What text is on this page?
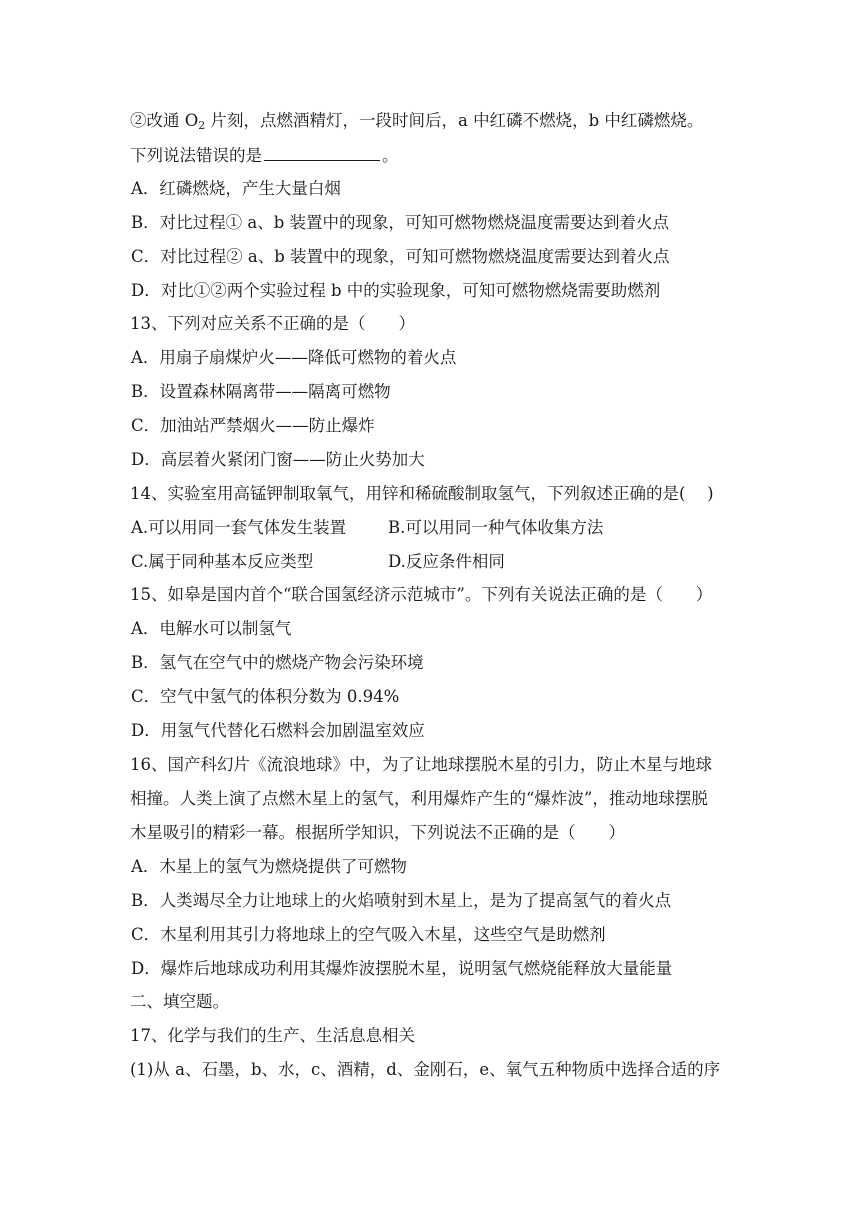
②改通 $O_2$ 片刻，点燃酒精灯，一段时间后，a 中红磷不燃烧，b 中红磷燃烧。
下列说法错误的是	。
A．红磷燃烧，产生大量白烟
B．对比过程① a、b 装置中的现象，可知可燃物燃烧温度需要达到着火点
C．对比过程② a、b 装置中的现象，可知可燃物燃烧温度需要达到着火点
D．对比①②两个实验过程 b 中的实验现象，可知可燃物燃烧需要助燃剂
13、下列对应关系不正确的是（　　）
A．用扇子扇煤炉火——降低可燃物的着火点
B．设置森林隔离带——隔离可燃物
C．加油站严禁烟火——防止爆炸
D．高层着火紧闭门窗——防止火势加大
14、实验室用高锰钾制取氧气，用锌和稀硫酸制取氢气，下列叙述正确的是(　 )
A.可以用同一套气体发生装置	B.可以用同一种气体收集方法
C.属于同种基本反应类型	D.反应条件相同
15、如皋是国内首个“联合国氢经济示范城市”。下列有关说法正确的是（　　）
A．电解水可以制氢气
B．氢气在空气中的燃烧产物会污染环境
C．空气中氢气的体积分数为 0.94%
D．用氢气代替化石燃料会加剧温室效应
16、国产科幻片《流浪地球》中，为了让地球摆脱木星的引力，防止木星与地球
相撞。人类上演了点燃木星上的氢气，利用爆炸产生的“爆炸波”，推动地球摆脱
木星吸引的精彩一幕。根据所学知识，下列说法不正确的是（　　）
A．木星上的氢气为燃烧提供了可燃物
B．人类竭尽全力让地球上的火焰喷射到木星上，是为了提高氢气的着火点
C．木星利用其引力将地球上的空气吸入木星，这些空气是助燃剂
D．爆炸后地球成功利用其爆炸波摆脱木星，说明氢气燃烧能释放大量能量
二、填空题。
17、化学与我们的生产、生活息息相关
(1)从 a、石墨，b、水，c、酒精，d、金刚石，e、氧气五种物质中选择合适的序
